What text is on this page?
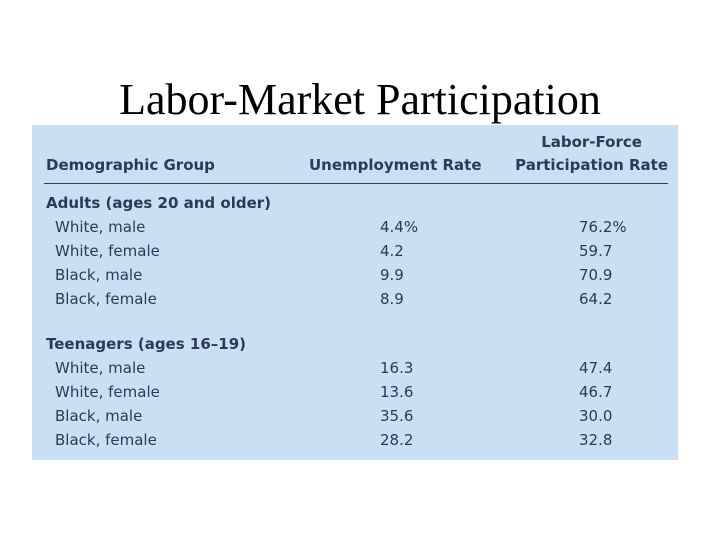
Labor-Market Participation
Demographic Group	Unemployment Rate
Labor-Force
Participation Rate
Adults (ages 20 and older)
White, male	4.4%	76.2%
White, female	4.2	59.7
Black, male	9.9	70.9
Black, female	8.9	64.2
Teenagers (ages 16–19)
White, male	16.3	47.4
White, female	13.6	46.7
Black, male	35.6	30.0
Black, female	28.2	32.8
